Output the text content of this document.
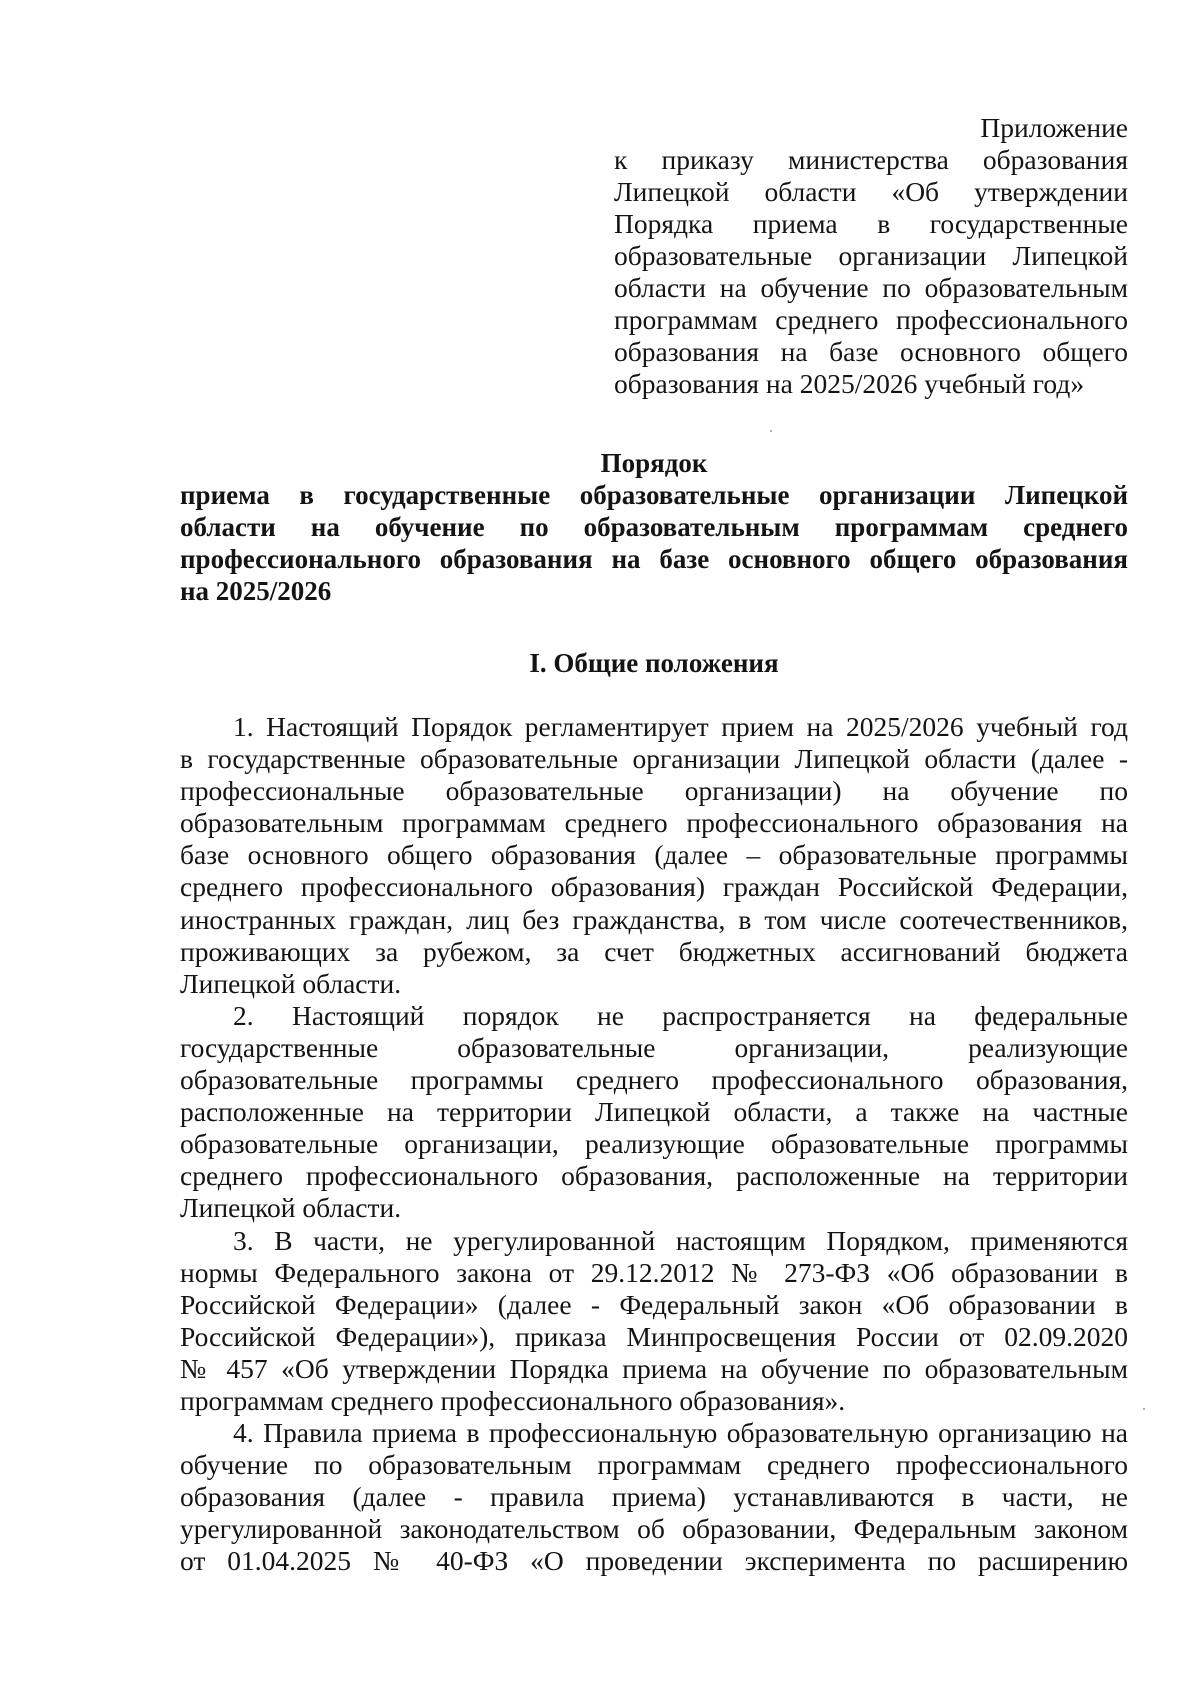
Приложение
к приказу министерства образования
Липецкой области «Об утверждении
Порядка приема в государственные
образовательные организации Липецкой
области на обучение по образовательным
программам среднего профессионального
образования на базе основного общего
образования на 2025/2026 учебный год»
Порядок
приема в государственные образовательные организации Липецкой
области на обучение по образовательным программам среднего
профессионального образования на базе основного общего образования
на 2025/2026
I. Общие положения
1. Настоящий Порядок регламентирует прием на 2025/2026 учебный год
в государственные образовательные организации Липецкой области (далее -
профессиональные образовательные организации) на обучение по
образовательным программам среднего профессионального образования на
базе основного общего образования (далее – образовательные программы
среднего профессионального образования) граждан Российской Федерации,
иностранных граждан, лиц без гражданства, в том числе соотечественников,
проживающих за рубежом, за счет бюджетных ассигнований бюджета
Липецкой области.
2. Настоящий порядок не распространяется на федеральные
государственные образовательные организации, реализующие
образовательные программы среднего профессионального образования,
расположенные на территории Липецкой области, а также на частные
образовательные организации, реализующие образовательные программы
среднего профессионального образования, расположенные на территории
Липецкой области.
3. В части, не урегулированной настоящим Порядком, применяются
нормы Федерального закона от 29.12.2012 № 273-ФЗ «Об образовании в
Российской Федерации» (далее - Федеральный закон «Об образовании в
Российской Федерации»), приказа Минпросвещения России от 02.09.2020
№ 457 «Об утверждении Порядка приема на обучение по образовательным
программам среднего профессионального образования».
4. Правила приема в профессиональную образовательную организацию на
обучение по образовательным программам среднего профессионального
образования (далее - правила приема) устанавливаются в части, не
урегулированной законодательством об образовании, Федеральным законом
от 01.04.2025 № 40-ФЗ «О проведении эксперимента по расширению
